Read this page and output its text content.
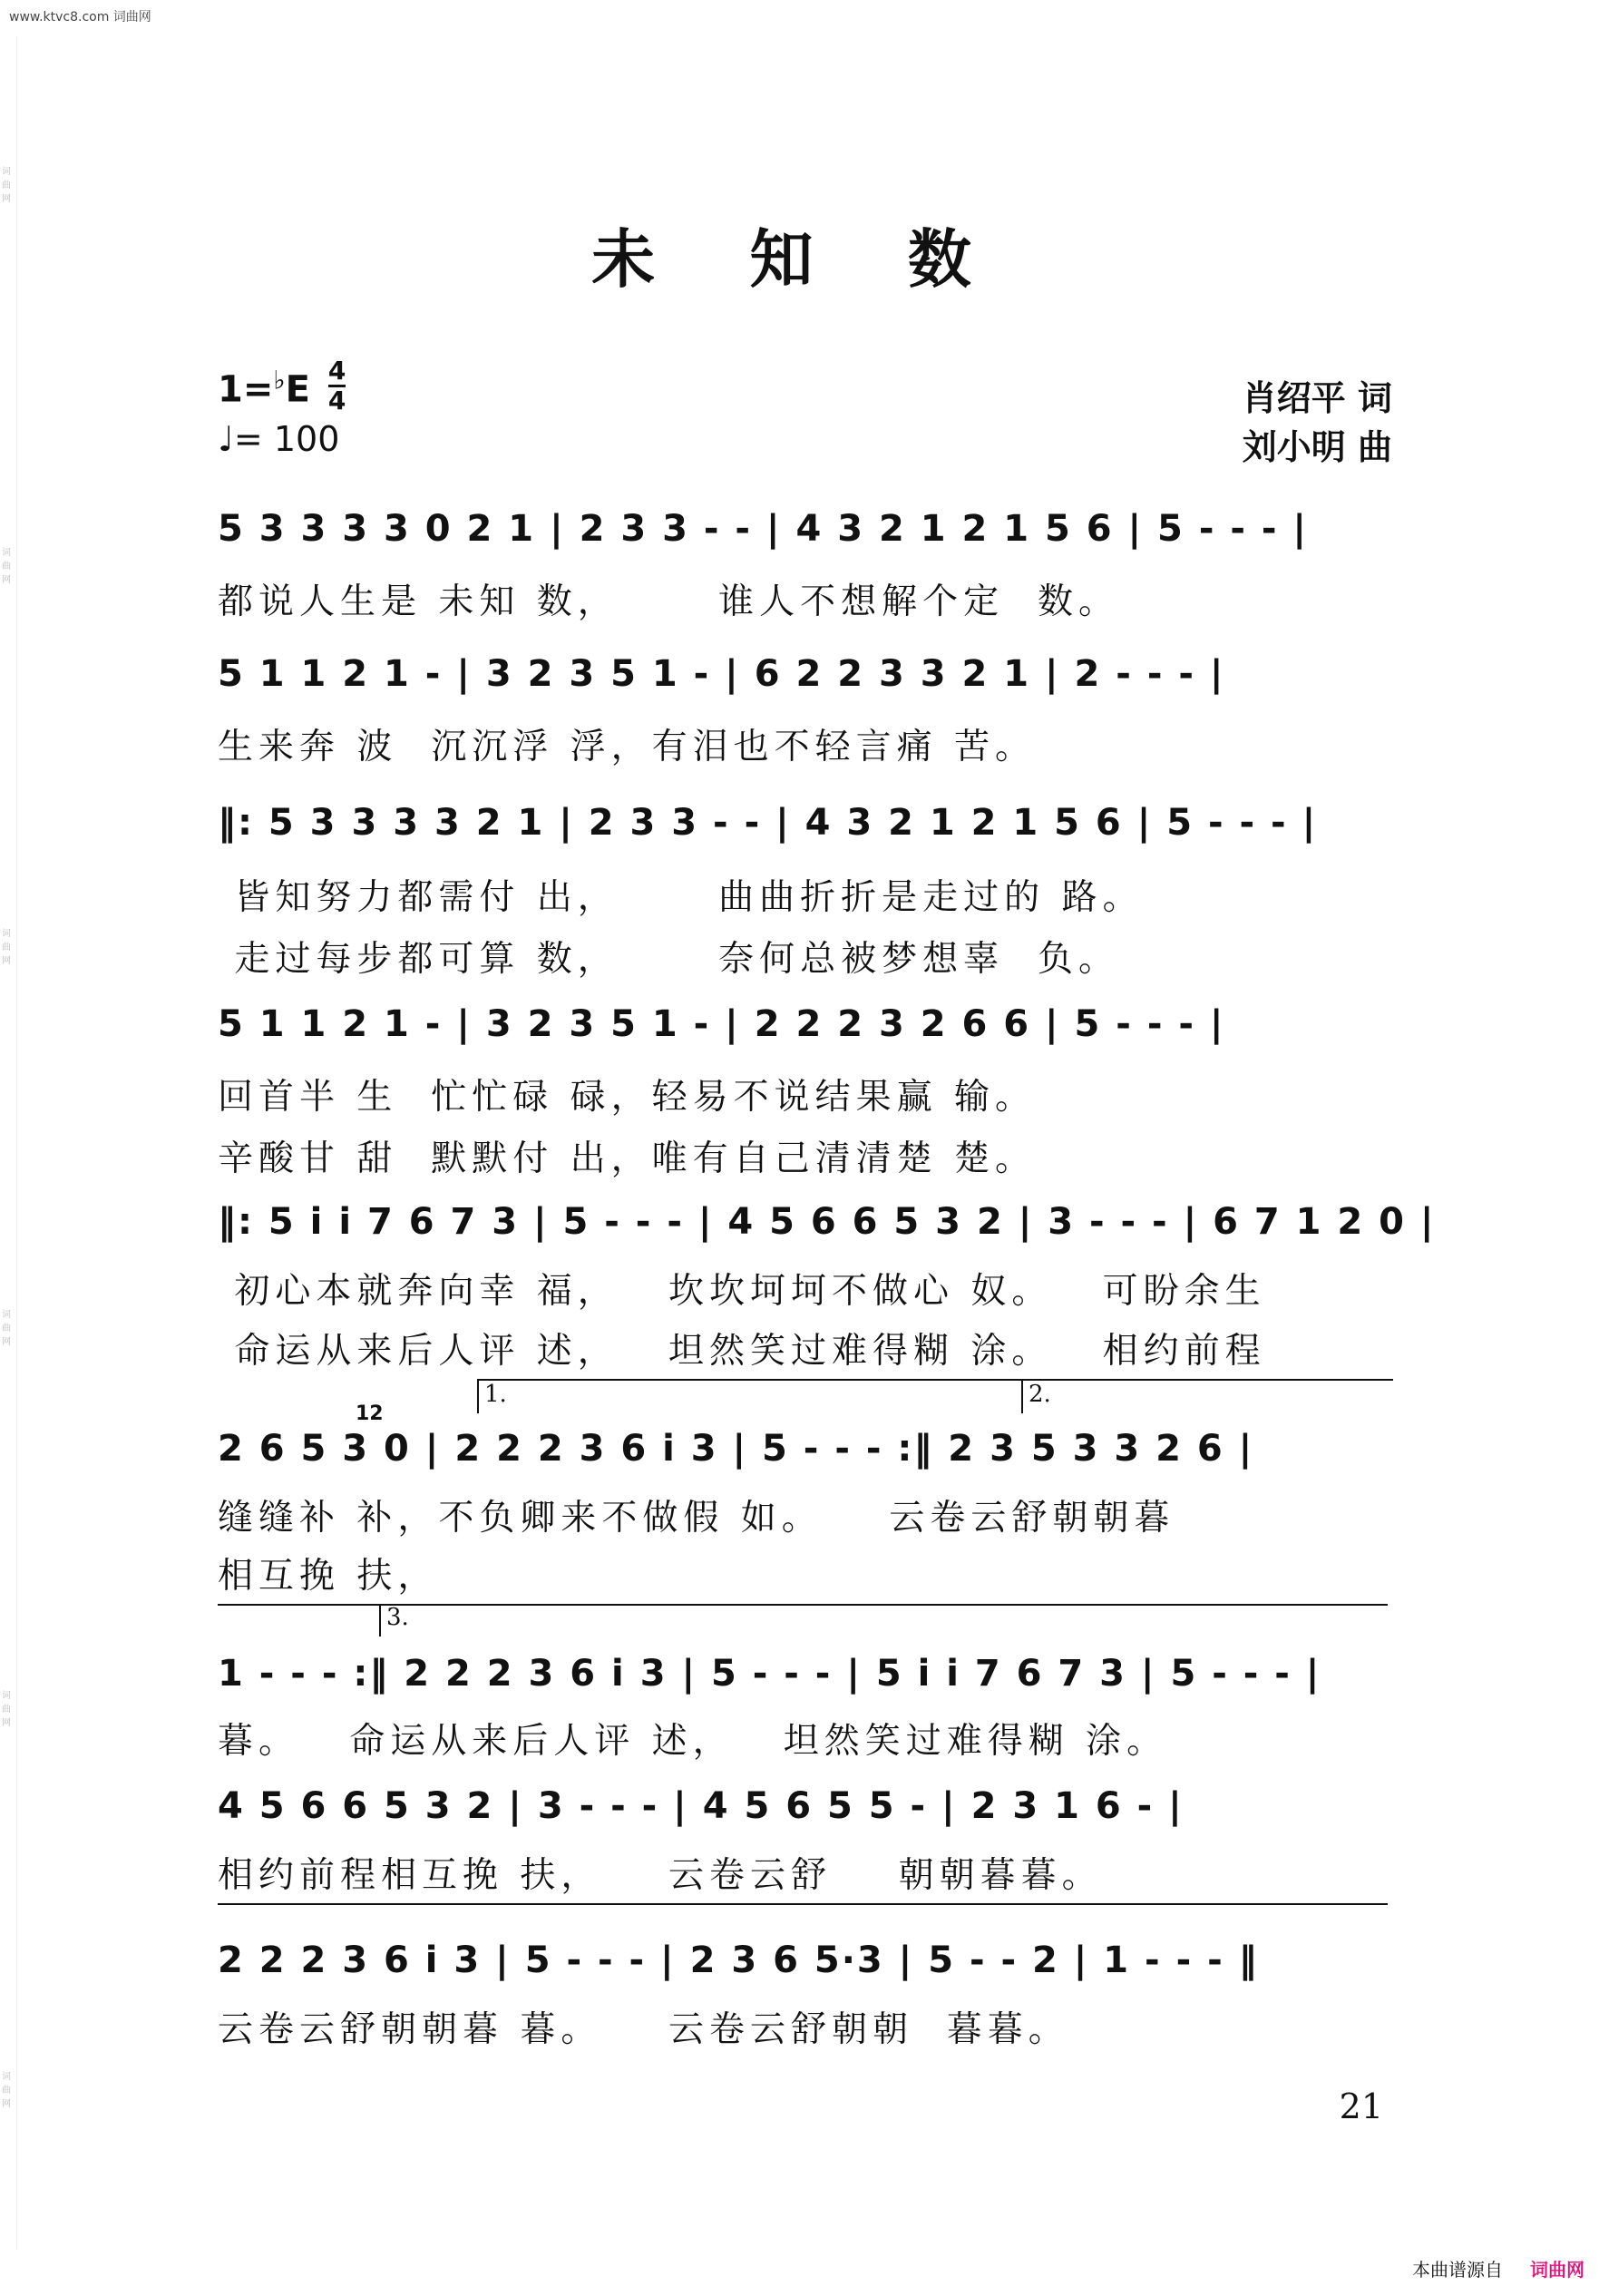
www.ktvc8.com 词曲网
词曲网
词曲网
词曲网
词曲网
词曲网
词曲网
未 知 数
$1=^♭E \frac{4}{4}$
♩= 100
肖绍平 词
刘小明 曲
5 3 3 3 3 0 2 1 | 2 3 3 - - | 4 3 2 1 2 1 5 6 | 5 - - - |
都说人生是 未知 数，      谁人不想解个定  数。
5 1 1 2 1 - | 3 2 3 5 1 - | 6 2 2 3 3 2 1 | 2 - - - |
生来奔 波  沉沉浮 浮，有泪也不轻言痛 苦。
‖: 5 3 3 3 3 2 1 | 2 3 3 - - | 4 3 2 1 2 1 5 6 | 5 - - - |
皆知努力都需付 出，      曲曲折折是走过的 路。
走过每步都可算 数，      奈何总被梦想辜  负。
5 1 1 2 1 - | 3 2 3 5 1 - | 2 2 2 3 2 6 6 | 5 - - - |
回首半 生  忙忙碌 碌，轻易不说结果赢 输。
辛酸甘 甜  默默付 出，唯有自己清清楚 楚。
‖: 5 i i 7 6 7 3 | 5 - - - | 4 5 6 6 5 3 2 | 3 - - - | 6 7 1 2 0 |
初心本就奔向幸 福，   坎坎坷坷不做心 奴。   可盼余生
命运从来后人评 述，   坦然笑过难得糊 涂。   相约前程
1.	2.
12
2 6 5 3 0 | 2 2 2 3 6 i 3 | 5 - - - :‖ 2 3 5 3 3 2 6 |
缝缝补 补，不负卿来不做假 如。    云卷云舒朝朝暮
相互挽 扶，
3.
1 - - - :‖ 2 2 2 3 6 i 3 | 5 - - - | 5 i i 7 6 7 3 | 5 - - - |
暮。   命运从来后人评 述，   坦然笑过难得糊 涂。
4 5 6 6 5 3 2 | 3 - - - | 4 5 6 5 5 - | 2 3 1 6 - |
相约前程相互挽 扶，    云卷云舒    朝朝暮暮。
2 2 2 3 6 i 3 | 5 - - - | 2 3 6 5·3 | 5 - - 2 | 1 - - - ‖
云卷云舒朝朝暮 暮。    云卷云舒朝朝  暮暮。
21
本曲谱源自 词曲网
